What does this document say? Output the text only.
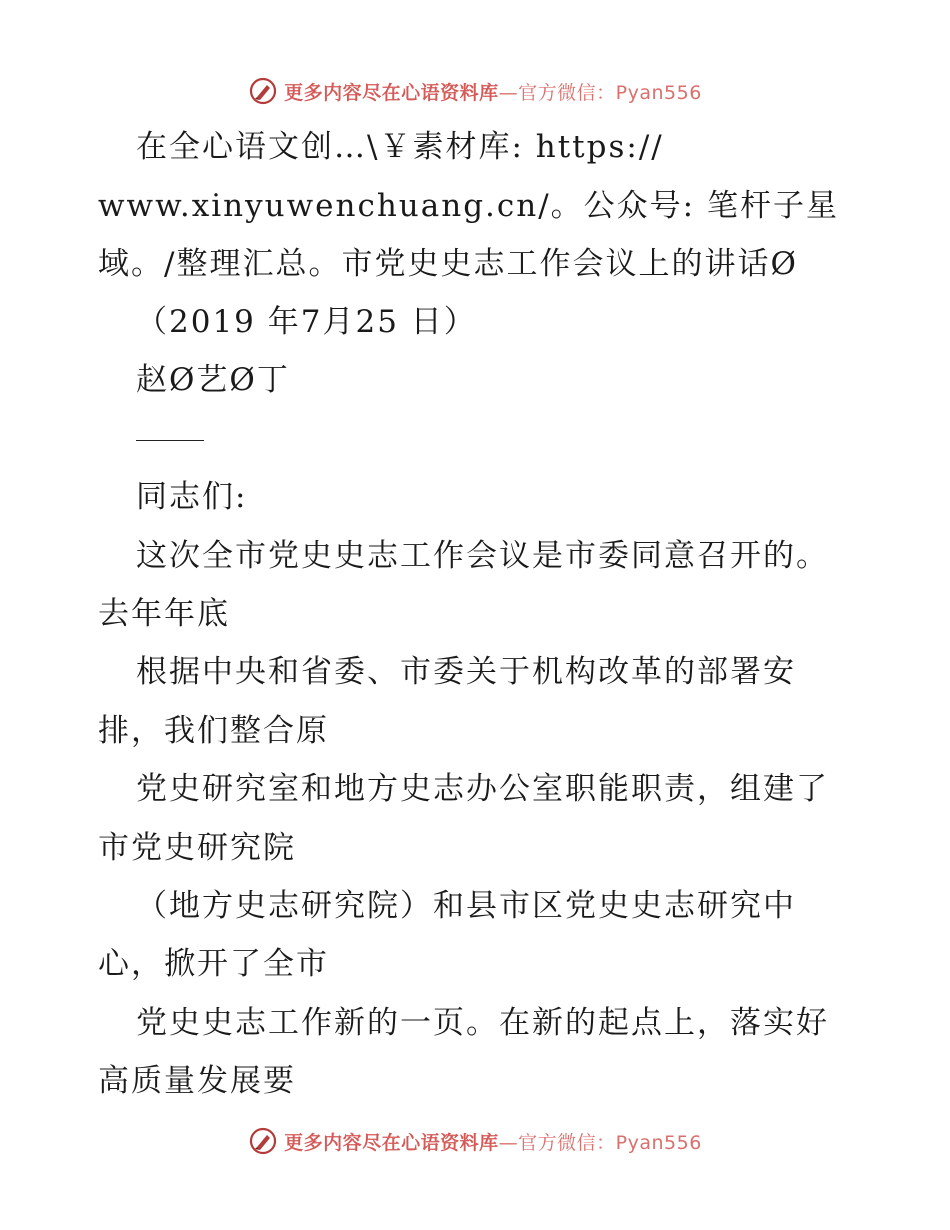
更多内容尽在心语资料库—官方微信：Pyan556
在全心语文创…\￥素材库: https://
www.xinyuwenchuang.cn/。公众号: 笔杆子星
域。/整理汇总。市党史史志工作会议上的讲话Ø
（2019 年7月25 日）
赵Ø艺Ø丁
同志们:
这次全市党史史志工作会议是市委同意召开的。
去年年底
根据中央和省委、市委关于机构改革的部署安
排，我们整合原
党史研究室和地方史志办公室职能职责，组建了
市党史研究院
（地方史志研究院）和县市区党史史志研究中
心，掀开了全市
党史史志工作新的一页。在新的起点上，落实好
高质量发展要
更多内容尽在心语资料库—官方微信：Pyan556
